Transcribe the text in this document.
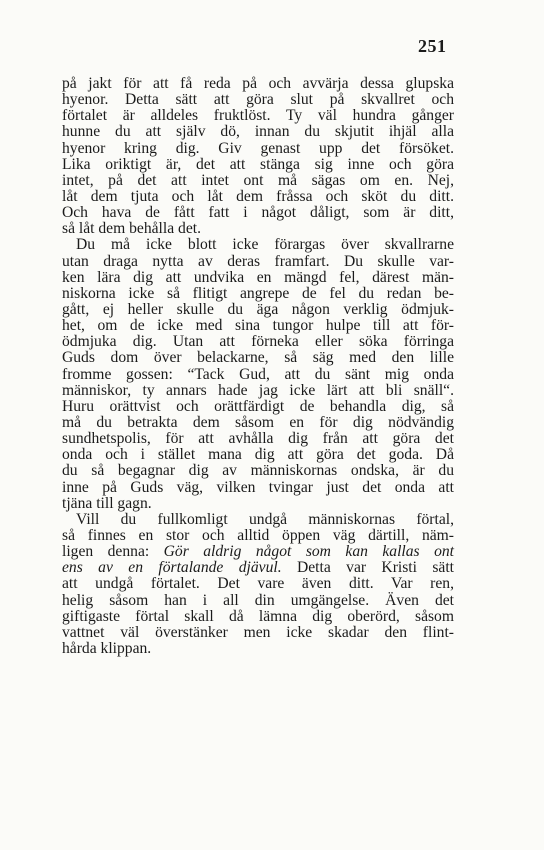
251
på jakt för att få reda på och avvärja dessa glupska
hyenor. Detta sätt att göra slut på skvallret och
förtalet är alldeles fruktlöst. Ty väl hundra gånger
hunne du att själv dö, innan du skjutit ihjäl alla
hyenor kring dig. Giv genast upp det försöket.
Lika oriktigt är, det att stänga sig inne och göra
intet, på det att intet ont må sägas om en. Nej,
låt dem tjuta och låt dem fråssa och sköt du ditt.
Och hava de fått fatt i något dåligt, som är ditt,
så låt dem behålla det.
Du må icke blott icke förargas över skvallrarne
utan draga nytta av deras framfart. Du skulle var-
ken lära dig att undvika en mängd fel, därest män-
niskorna icke så flitigt angrepe de fel du redan be-
gått, ej heller skulle du äga någon verklig ödmjuk-
het, om de icke med sina tungor hulpe till att för-
ödmjuka dig. Utan att förneka eller söka förringa
Guds dom över belackarne, så säg med den lille
fromme gossen: “Tack Gud, att du sänt mig onda
människor, ty annars hade jag icke lärt att bli snäll“.
Huru orättvist och orättfärdigt de behandla dig, så
må du betrakta dem såsom en för dig nödvändig
sundhetspolis, för att avhålla dig från att göra det
onda och i stället mana dig att göra det goda. Då
du så begagnar dig av människornas ondska, är du
inne på Guds väg, vilken tvingar just det onda att
tjäna till gagn.
Vill du fullkomligt undgå människornas förtal,
så finnes en stor och alltid öppen väg därtill, näm-
ligen denna: Gör aldrig något som kan kallas ont
ens av en förtalande djävul. Detta var Kristi sätt
att undgå förtalet. Det vare även ditt. Var ren,
helig såsom han i all din umgängelse. Även det
giftigaste förtal skall då lämna dig oberörd, såsom
vattnet väl överstänker men icke skadar den flint-
hårda klippan.
